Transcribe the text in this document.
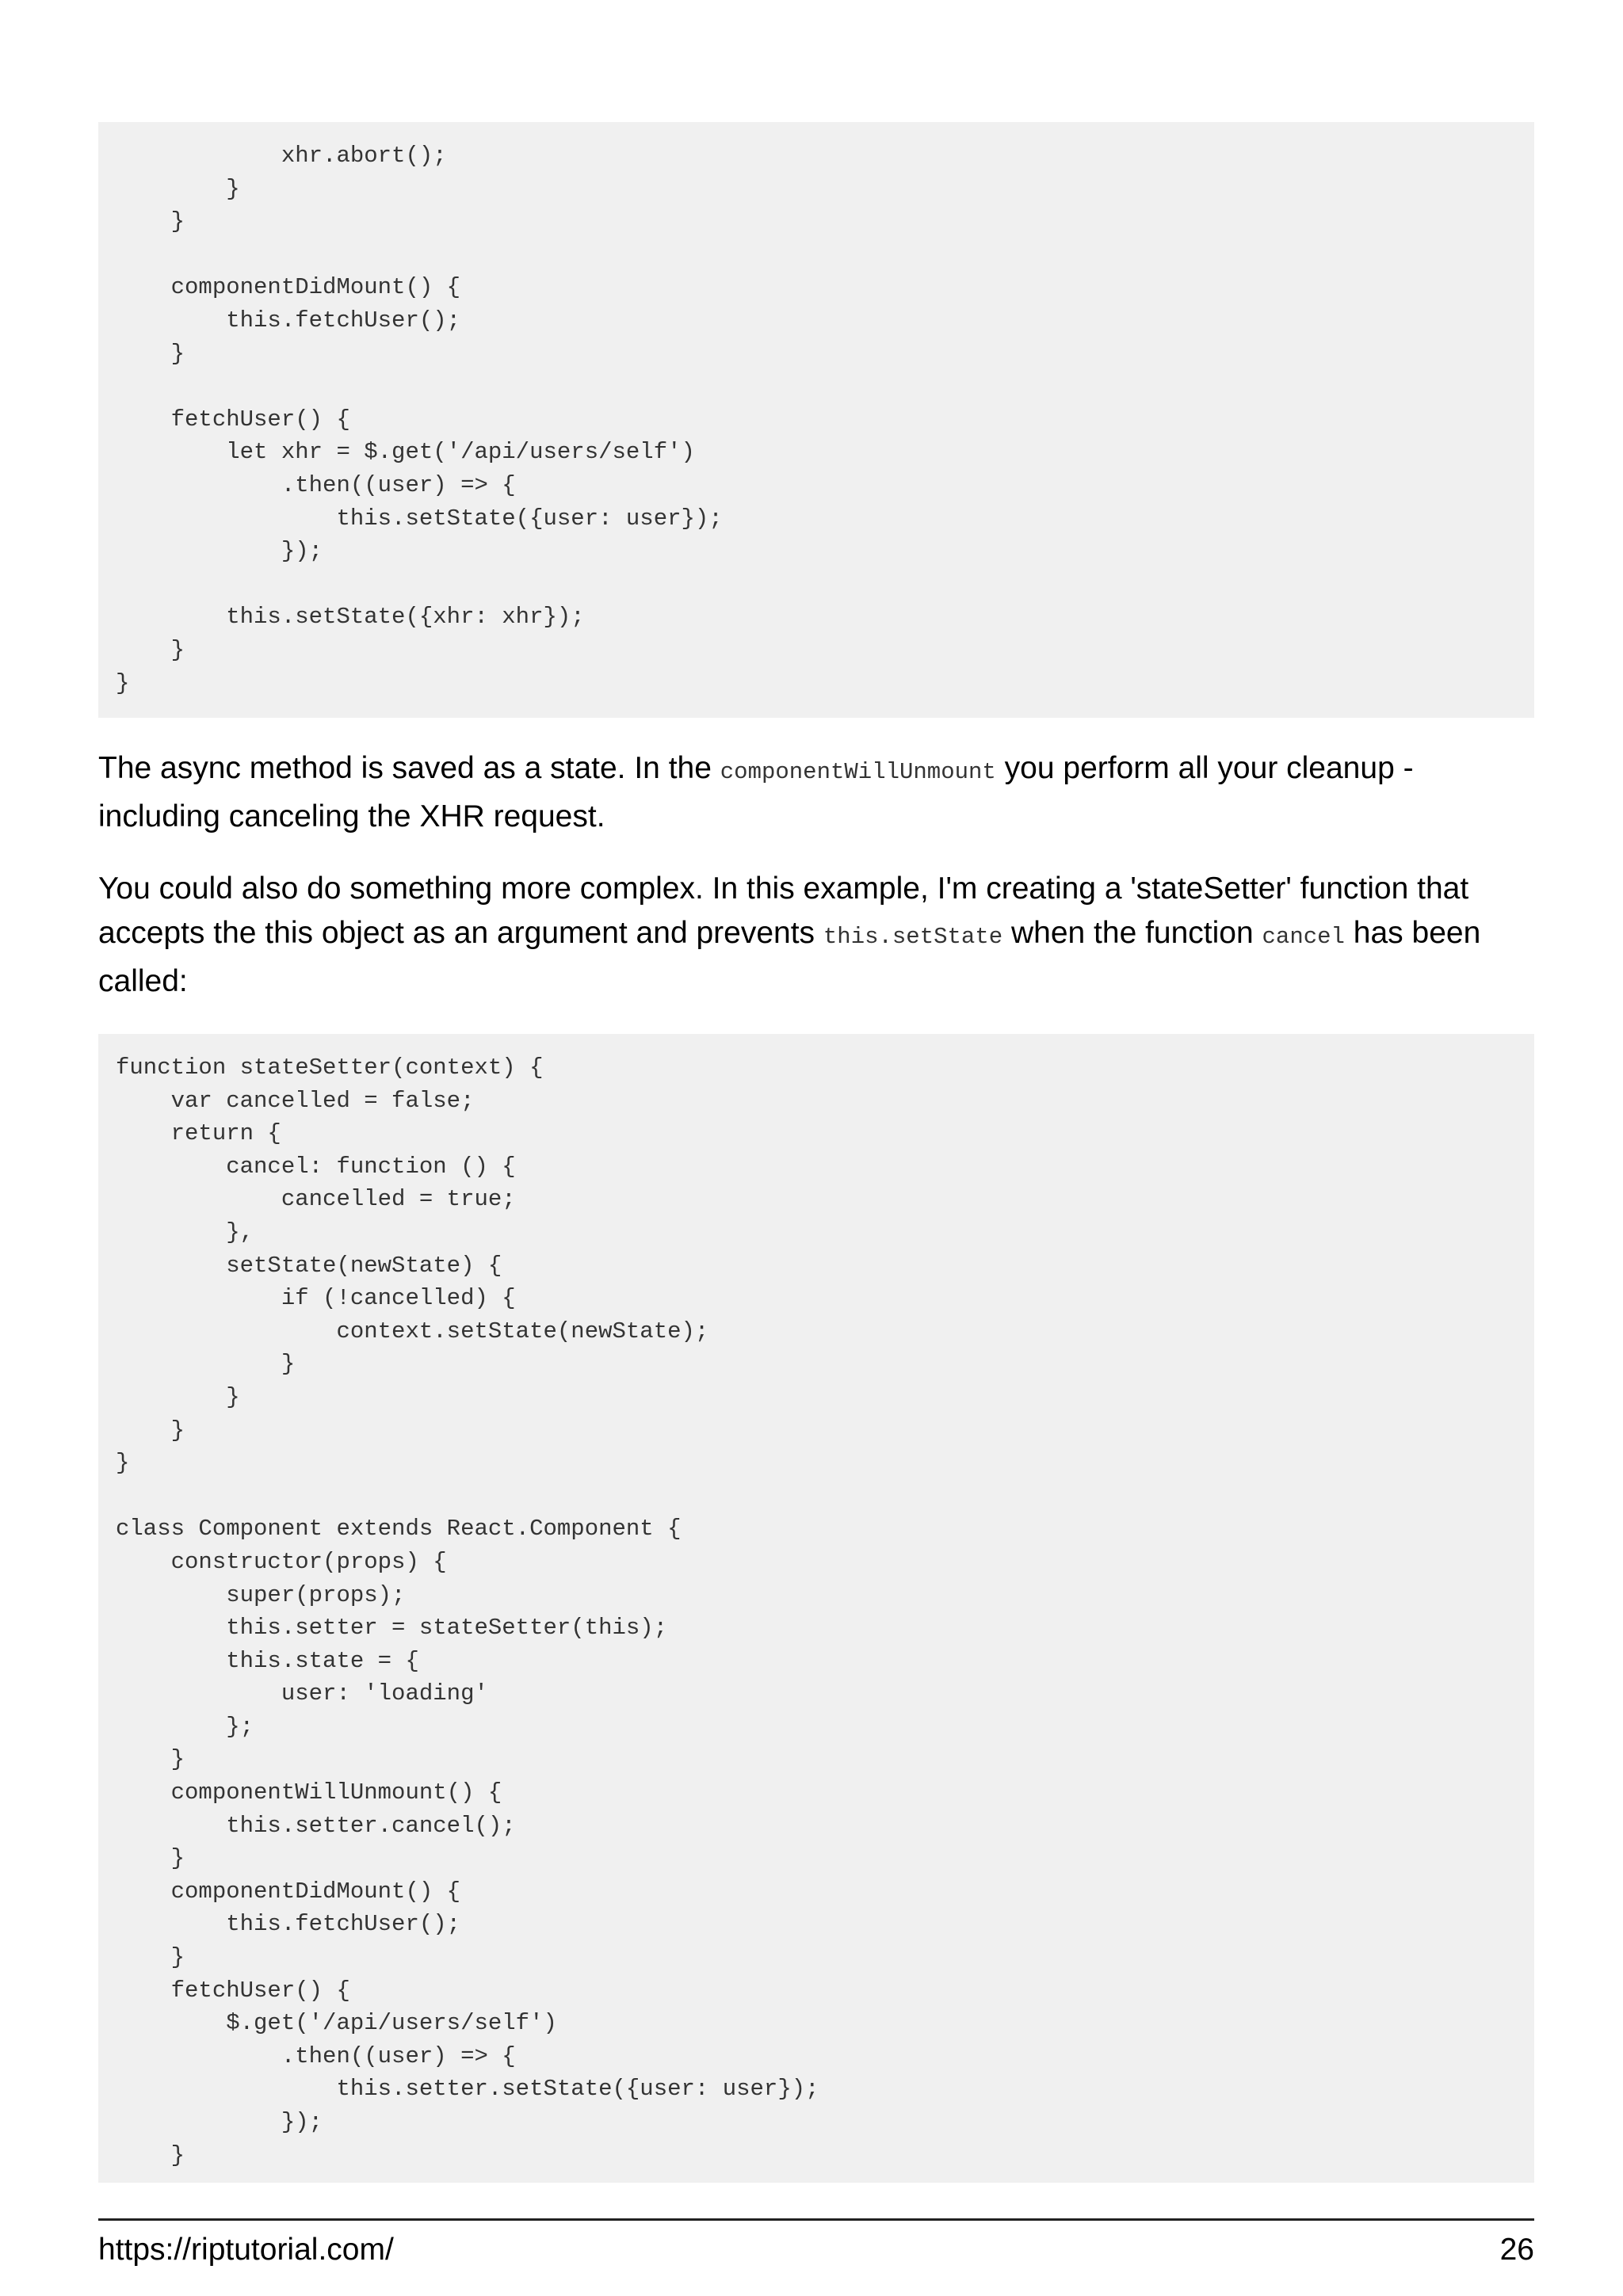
xhr.abort();
}
}

componentDidMount() {
this.fetchUser();
}

fetchUser() {
let xhr = $.get('/api/users/self')
.then((user) => {
this.setState({user: user});
});

this.setState({xhr: xhr});
}
}

The async method is saved as a state. In the componentWillUnmount you perform all your cleanup - including canceling the XHR request.

You could also do something more complex. In this example, I'm creating a 'stateSetter' function that accepts the this object as an argument and prevents this.setState when the function cancel has been called:

function stateSetter(context) {
var cancelled = false;
return {
cancel: function () {
cancelled = true;
},
setState(newState) {
if (!cancelled) {
context.setState(newState);
}
}
}
}

class Component extends React.Component {
constructor(props) {
super(props);
this.setter = stateSetter(this);
this.state = {
user: 'loading'
};
}
componentWillUnmount() {
this.setter.cancel();
}
componentDidMount() {
this.fetchUser();
}
fetchUser() {
$.get('/api/users/self')
.then((user) => {
this.setter.setState({user: user});
});
}

https://riptutorial.com/	26
